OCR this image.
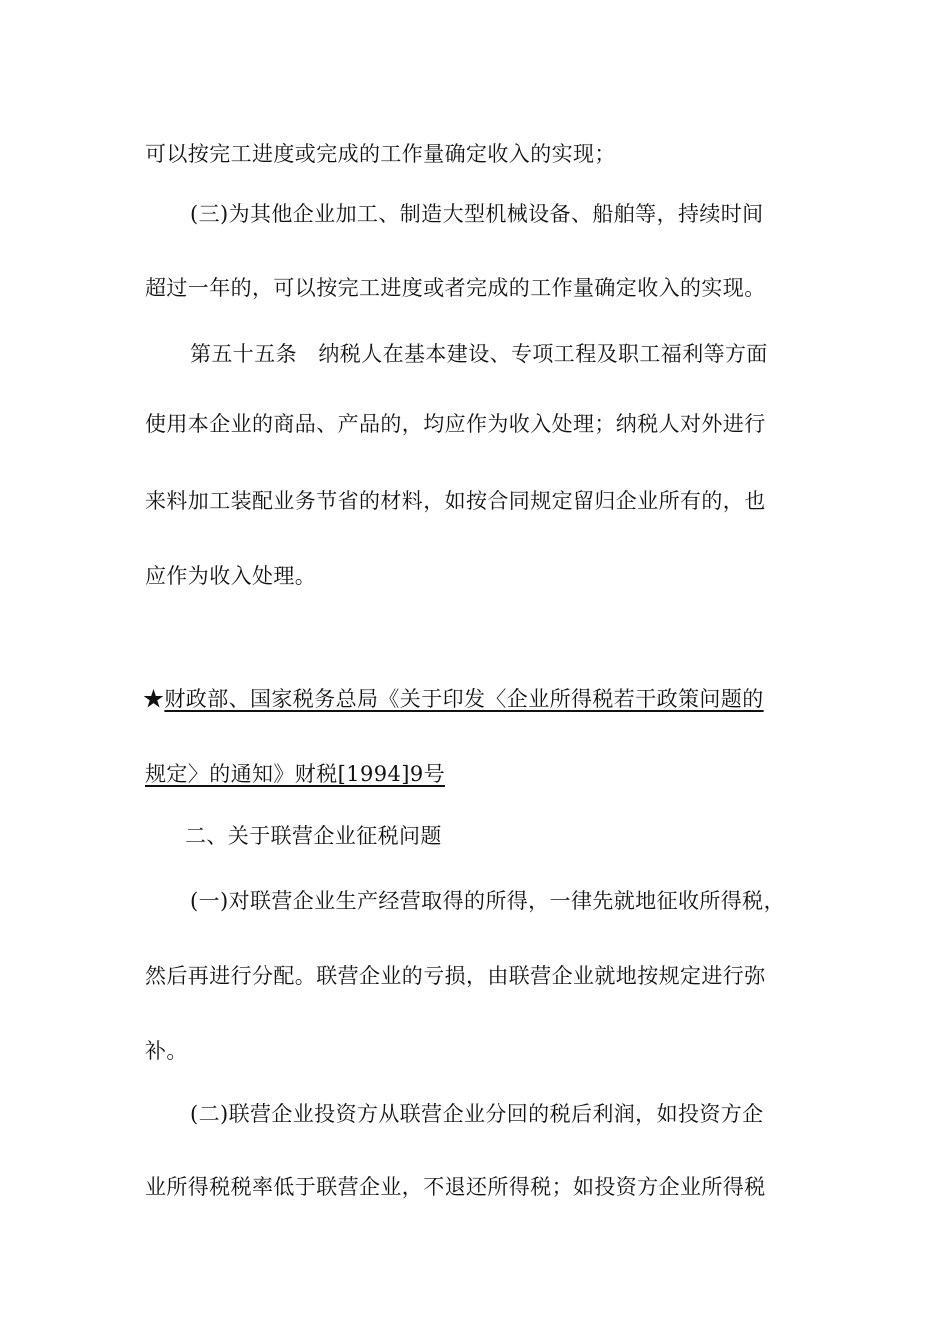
可以按完工进度或完成的工作量确定收入的实现；
(三)为其他企业加工、制造大型机械设备、船舶等，持续时间
超过一年的，可以按完工进度或者完成的工作量确定收入的实现。
第五十五条　纳税人在基本建设、专项工程及职工福利等方面
使用本企业的商品、产品的，均应作为收入处理；纳税人对外进行
来料加工装配业务节省的材料，如按合同规定留归企业所有的，也
应作为收入处理。
★财政部、国家税务总局《关于印发〈企业所得税若干政策问题的
规定〉的通知》财税[1994]9号
二、关于联营企业征税问题
(一)对联营企业生产经营取得的所得，一律先就地征收所得税，
然后再进行分配。联营企业的亏损，由联营企业就地按规定进行弥
补。
(二)联营企业投资方从联营企业分回的税后利润，如投资方企
业所得税税率低于联营企业，不退还所得税；如投资方企业所得税
